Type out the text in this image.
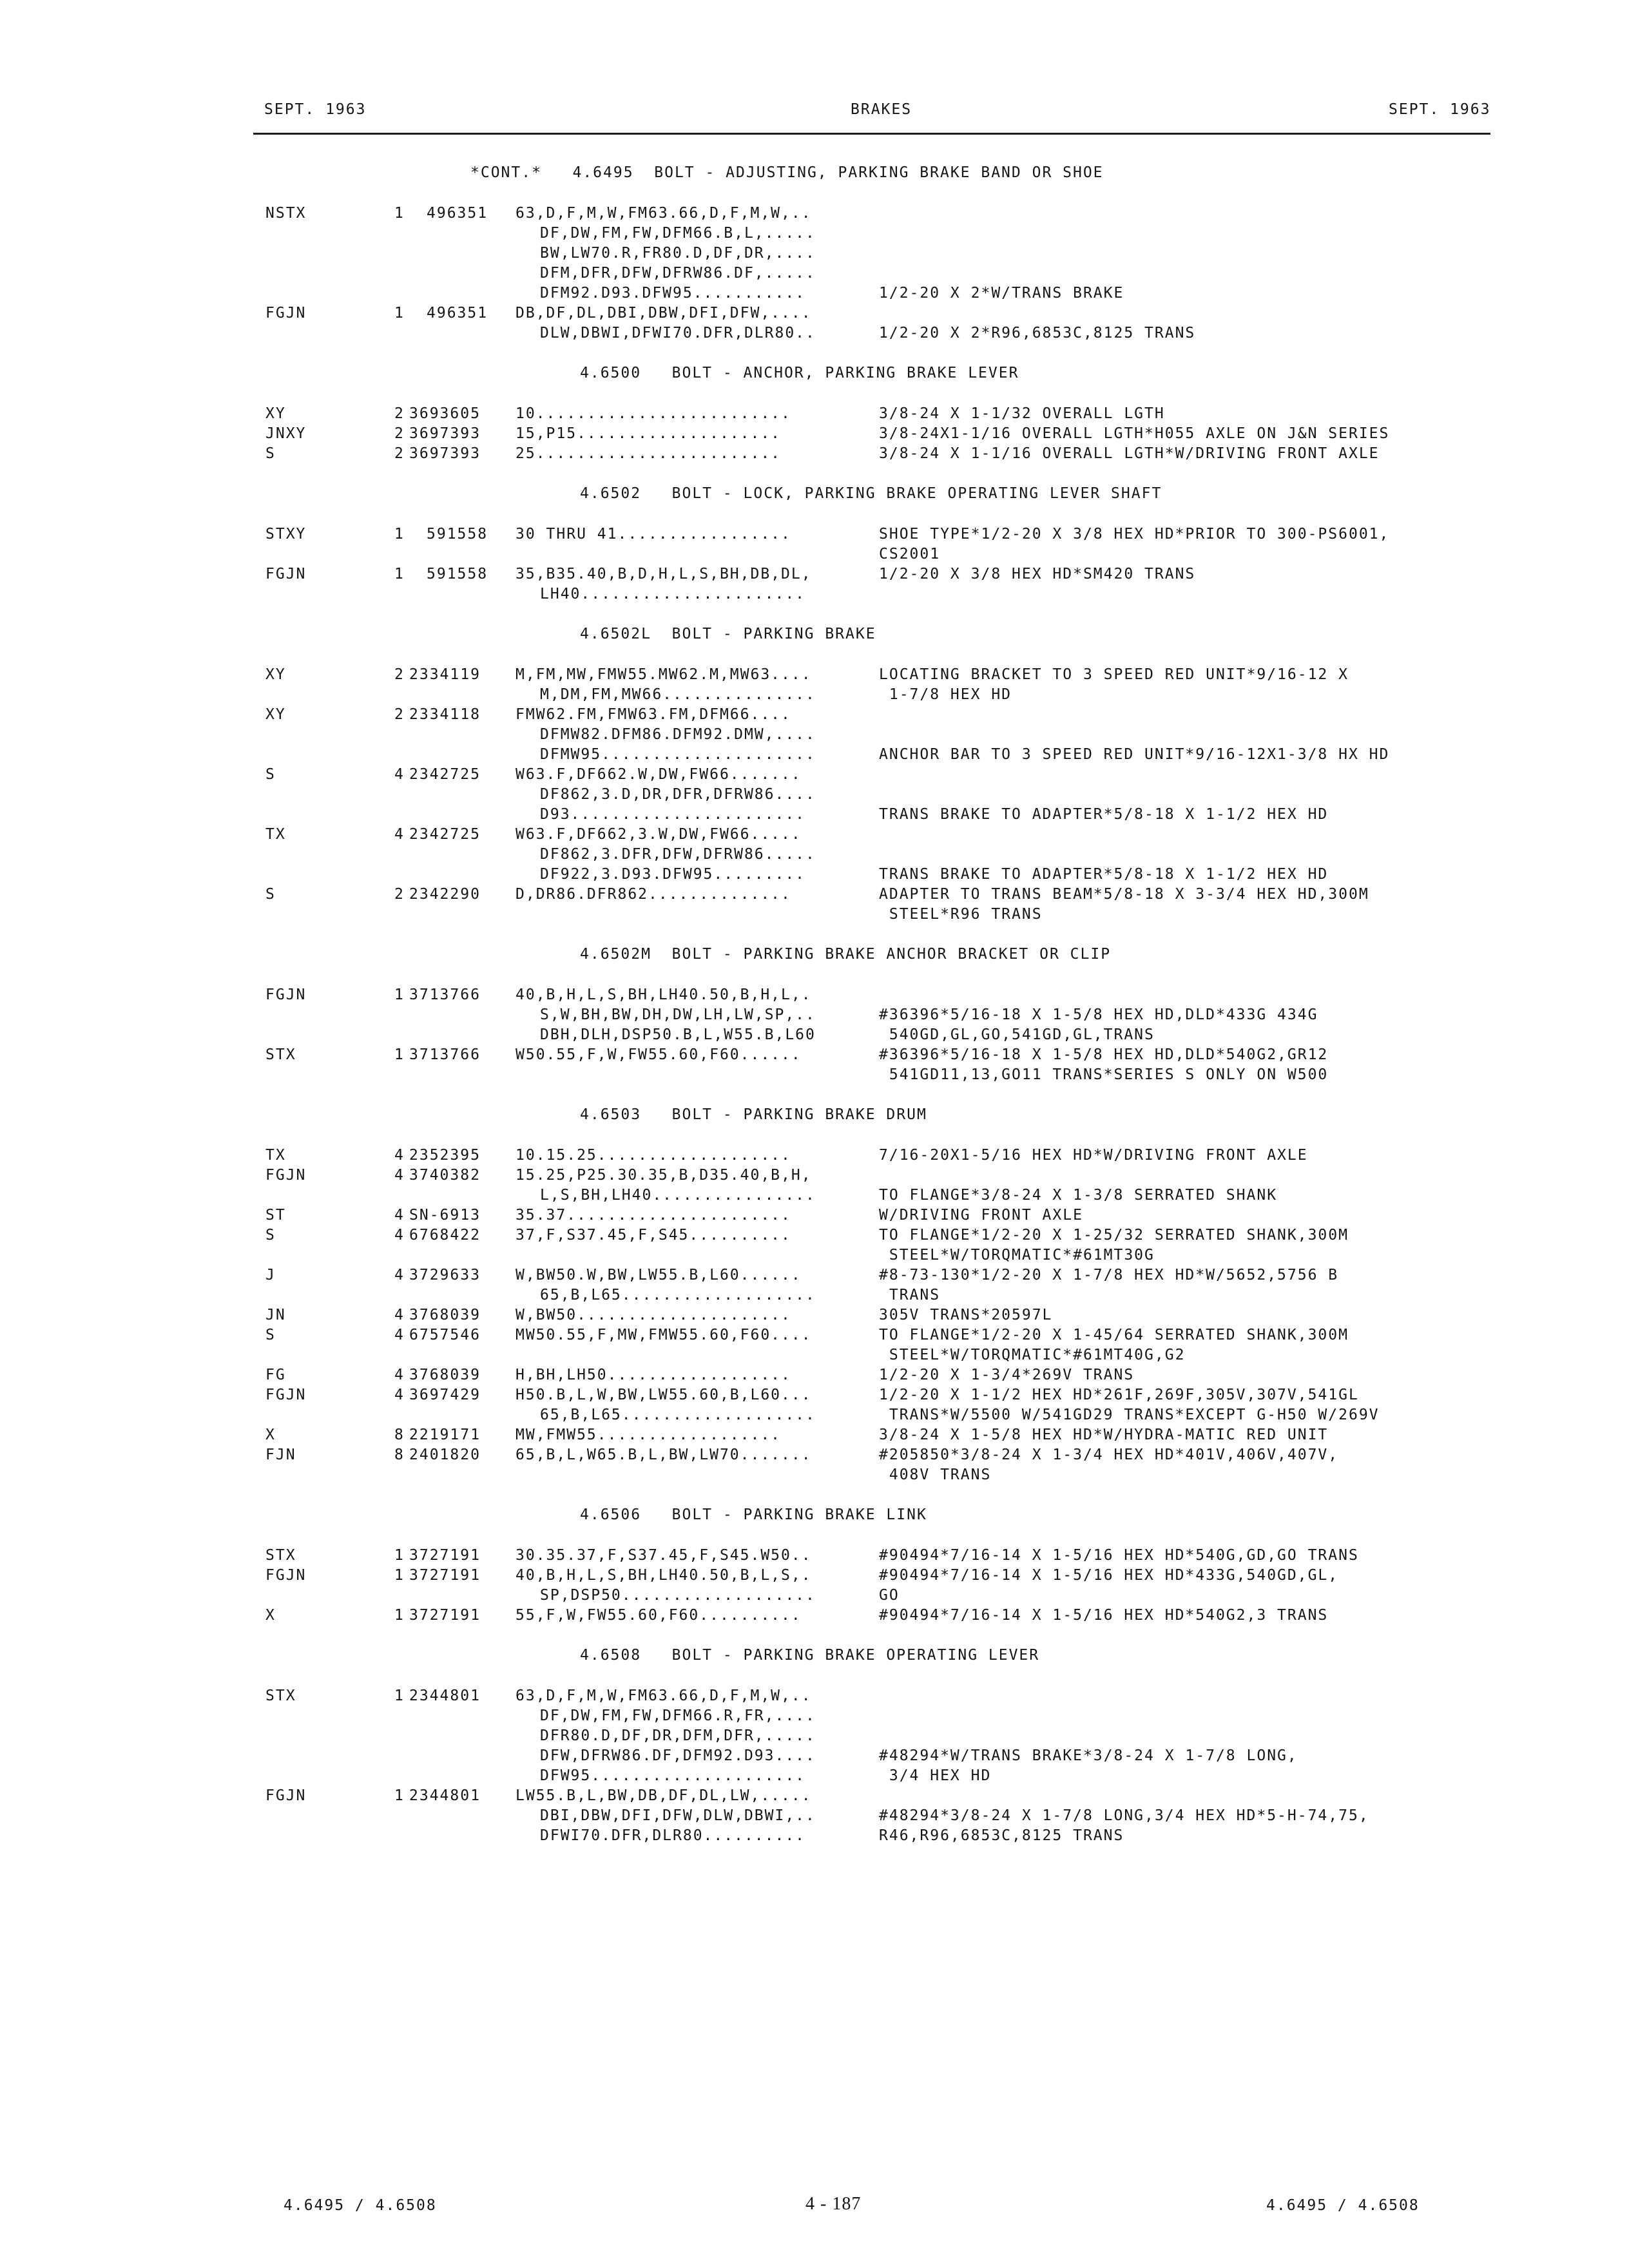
SEPT. 1963	BRAKES	SEPT. 1963
*CONT.*   4.6495  BOLT - ADJUSTING, PARKING BRAKE BAND OR SHOE
NSTX	1 496351 63,D,F,M,W,FM63.66,D,F,M,W,..
DF,DW,FM,FW,DFM66.B,L,.....
BW,LW70.R,FR80.D,DF,DR,....
DFM,DFR,DFW,DFRW86.DF,.....
DFM92.D93.DFW95...........	1/2-20 X 2*W/TRANS BRAKE
FGJN	1 496351 DB,DF,DL,DBI,DBW,DFI,DFW,....
DLW,DBWI,DFWI70.DFR,DLR80..	1/2-20 X 2*R96,6853C,8125 TRANS
4.6500   BOLT - ANCHOR, PARKING BRAKE LEVER
XY	2 3693605 10.........................	3/8-24 X 1-1/32 OVERALL LGTH
JNXY	2 3697393 15,P15....................	3/8-24X1-1/16 OVERALL LGTH*H055 AXLE ON J&N SERIES
S	2 3697393 25........................	3/8-24 X 1-1/16 OVERALL LGTH*W/DRIVING FRONT AXLE
4.6502   BOLT - LOCK, PARKING BRAKE OPERATING LEVER SHAFT
STXY	1 591558 30 THRU 41.................	SHOE TYPE*1/2-20 X 3/8 HEX HD*PRIOR TO 300-PS6001,
CS2001
FGJN	1 591558 35,B35.40,B,D,H,L,S,BH,DB,DL,	1/2-20 X 3/8 HEX HD*SM420 TRANS
LH40......................
4.6502L  BOLT - PARKING BRAKE
XY	2 2334119 M,FM,MW,FMW55.MW62.M,MW63....	LOCATING BRACKET TO 3 SPEED RED UNIT*9/16-12 X
M,DM,FM,MW66...............	1-7/8 HEX HD
XY	2 2334118 FMW62.FM,FMW63.FM,DFM66....
DFMW82.DFM86.DFM92.DMW,....
DFMW95.....................	ANCHOR BAR TO 3 SPEED RED UNIT*9/16-12X1-3/8 HX HD
S	4 2342725 W63.F,DF662.W,DW,FW66.......
DF862,3.D,DR,DFR,DFRW86....
D93.......................	TRANS BRAKE TO ADAPTER*5/8-18 X 1-1/2 HEX HD
TX	4 2342725 W63.F,DF662,3.W,DW,FW66.....
DF862,3.DFR,DFW,DFRW86.....
DF922,3.D93.DFW95.........	TRANS BRAKE TO ADAPTER*5/8-18 X 1-1/2 HEX HD
S	2 2342290 D,DR86.DFR862..............	ADAPTER TO TRANS BEAM*5/8-18 X 3-3/4 HEX HD,300M
STEEL*R96 TRANS
4.6502M  BOLT - PARKING BRAKE ANCHOR BRACKET OR CLIP
FGJN	1 3713766 40,B,H,L,S,BH,LH40.50,B,H,L,.
S,W,BH,BW,DH,DW,LH,LW,SP,..	#36396*5/16-18 X 1-5/8 HEX HD,DLD*433G 434G
DBH,DLH,DSP50.B,L,W55.B,L60	540GD,GL,GO,541GD,GL,TRANS
STX	1 3713766 W50.55,F,W,FW55.60,F60......	#36396*5/16-18 X 1-5/8 HEX HD,DLD*540G2,GR12
541GD11,13,GO11 TRANS*SERIES S ONLY ON W500
4.6503   BOLT - PARKING BRAKE DRUM
TX	4 2352395 10.15.25...................	7/16-20X1-5/16 HEX HD*W/DRIVING FRONT AXLE
FGJN	4 3740382 15.25,P25.30.35,B,D35.40,B,H,
L,S,BH,LH40................	TO FLANGE*3/8-24 X 1-3/8 SERRATED SHANK
ST	4 SN-6913 35.37......................	W/DRIVING FRONT AXLE
S	4 6768422 37,F,S37.45,F,S45..........	TO FLANGE*1/2-20 X 1-25/32 SERRATED SHANK,300M
STEEL*W/TORQMATIC*#61MT30G
J	4 3729633 W,BW50.W,BW,LW55.B,L60......	#8-73-130*1/2-20 X 1-7/8 HEX HD*W/5652,5756 B
65,B,L65...................	TRANS
JN	4 3768039 W,BW50.....................	305V TRANS*20597L
S	4 6757546 MW50.55,F,MW,FMW55.60,F60....	TO FLANGE*1/2-20 X 1-45/64 SERRATED SHANK,300M
STEEL*W/TORQMATIC*#61MT40G,G2
FG	4 3768039 H,BH,LH50..................	1/2-20 X 1-3/4*269V TRANS
FGJN	4 3697429 H50.B,L,W,BW,LW55.60,B,L60...	1/2-20 X 1-1/2 HEX HD*261F,269F,305V,307V,541GL
65,B,L65...................	TRANS*W/5500 W/541GD29 TRANS*EXCEPT G-H50 W/269V
X	8 2219171 MW,FMW55..................	3/8-24 X 1-5/8 HEX HD*W/HYDRA-MATIC RED UNIT
FJN	8 2401820 65,B,L,W65.B,L,BW,LW70.......	#205850*3/8-24 X 1-3/4 HEX HD*401V,406V,407V,
408V TRANS
4.6506   BOLT - PARKING BRAKE LINK
STX	1 3727191 30.35.37,F,S37.45,F,S45.W50..	#90494*7/16-14 X 1-5/16 HEX HD*540G,GD,GO TRANS
FGJN	1 3727191 40,B,H,L,S,BH,LH40.50,B,L,S,.	#90494*7/16-14 X 1-5/16 HEX HD*433G,540GD,GL,
SP,DSP50...................	GO
X	1 3727191 55,F,W,FW55.60,F60..........	#90494*7/16-14 X 1-5/16 HEX HD*540G2,3 TRANS
4.6508   BOLT - PARKING BRAKE OPERATING LEVER
STX	1 2344801 63,D,F,M,W,FM63.66,D,F,M,W,..
DF,DW,FM,FW,DFM66.R,FR,....
DFR80.D,DF,DR,DFM,DFR,.....
DFW,DFRW86.DF,DFM92.D93....	#48294*W/TRANS BRAKE*3/8-24 X 1-7/8 LONG,
DFW95.....................	3/4 HEX HD
FGJN	1 2344801 LW55.B,L,BW,DB,DF,DL,LW,.....
DBI,DBW,DFI,DFW,DLW,DBWI,..	#48294*3/8-24 X 1-7/8 LONG,3/4 HEX HD*5-H-74,75,
DFWI70.DFR,DLR80..........	R46,R96,6853C,8125 TRANS
4.6495 / 4.6508	4 - 187	4.6495 / 4.6508
